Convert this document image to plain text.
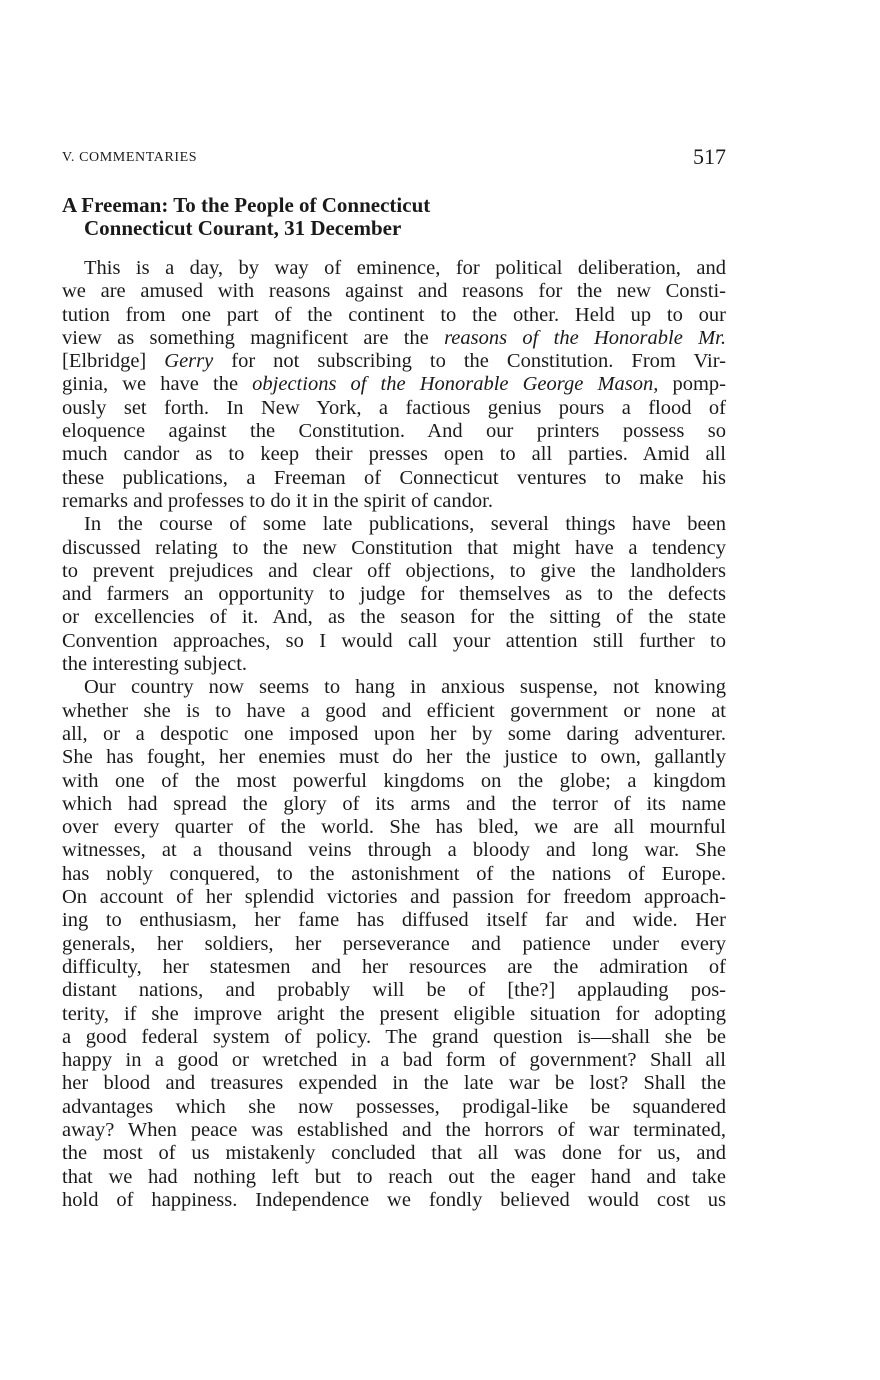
V. COMMENTARIES	517
A Freeman: To the People of Connecticut
Connecticut Courant, 31 December
This is a day, by way of eminence, for political deliberation, and
we are amused with reasons against and reasons for the new Consti-
tution from one part of the continent to the other. Held up to our
view as something magnificent are the reasons of the Honorable Mr.
[Elbridge] Gerry for not subscribing to the Constitution. From Vir-
ginia, we have the objections of the Honorable George Mason, pomp-
ously set forth. In New York, a factious genius pours a flood of
eloquence against the Constitution. And our printers possess so
much candor as to keep their presses open to all parties. Amid all
these publications, a Freeman of Connecticut ventures to make his
remarks and professes to do it in the spirit of candor.
In the course of some late publications, several things have been
discussed relating to the new Constitution that might have a tendency
to prevent prejudices and clear off objections, to give the landholders
and farmers an opportunity to judge for themselves as to the defects
or excellencies of it. And, as the season for the sitting of the state
Convention approaches, so I would call your attention still further to
the interesting subject.
Our country now seems to hang in anxious suspense, not knowing
whether she is to have a good and efficient government or none at
all, or a despotic one imposed upon her by some daring adventurer.
She has fought, her enemies must do her the justice to own, gallantly
with one of the most powerful kingdoms on the globe; a kingdom
which had spread the glory of its arms and the terror of its name
over every quarter of the world. She has bled, we are all mournful
witnesses, at a thousand veins through a bloody and long war. She
has nobly conquered, to the astonishment of the nations of Europe.
On account of her splendid victories and passion for freedom approach-
ing to enthusiasm, her fame has diffused itself far and wide. Her
generals, her soldiers, her perseverance and patience under every
difficulty, her statesmen and her resources are the admiration of
distant nations, and probably will be of [the?] applauding pos-
terity, if she improve aright the present eligible situation for adopting
a good federal system of policy. The grand question is—shall she be
happy in a good or wretched in a bad form of government? Shall all
her blood and treasures expended in the late war be lost? Shall the
advantages which she now possesses, prodigal-like be squandered
away? When peace was established and the horrors of war terminated,
the most of us mistakenly concluded that all was done for us, and
that we had nothing left but to reach out the eager hand and take
hold of happiness. Independence we fondly believed would cost us
